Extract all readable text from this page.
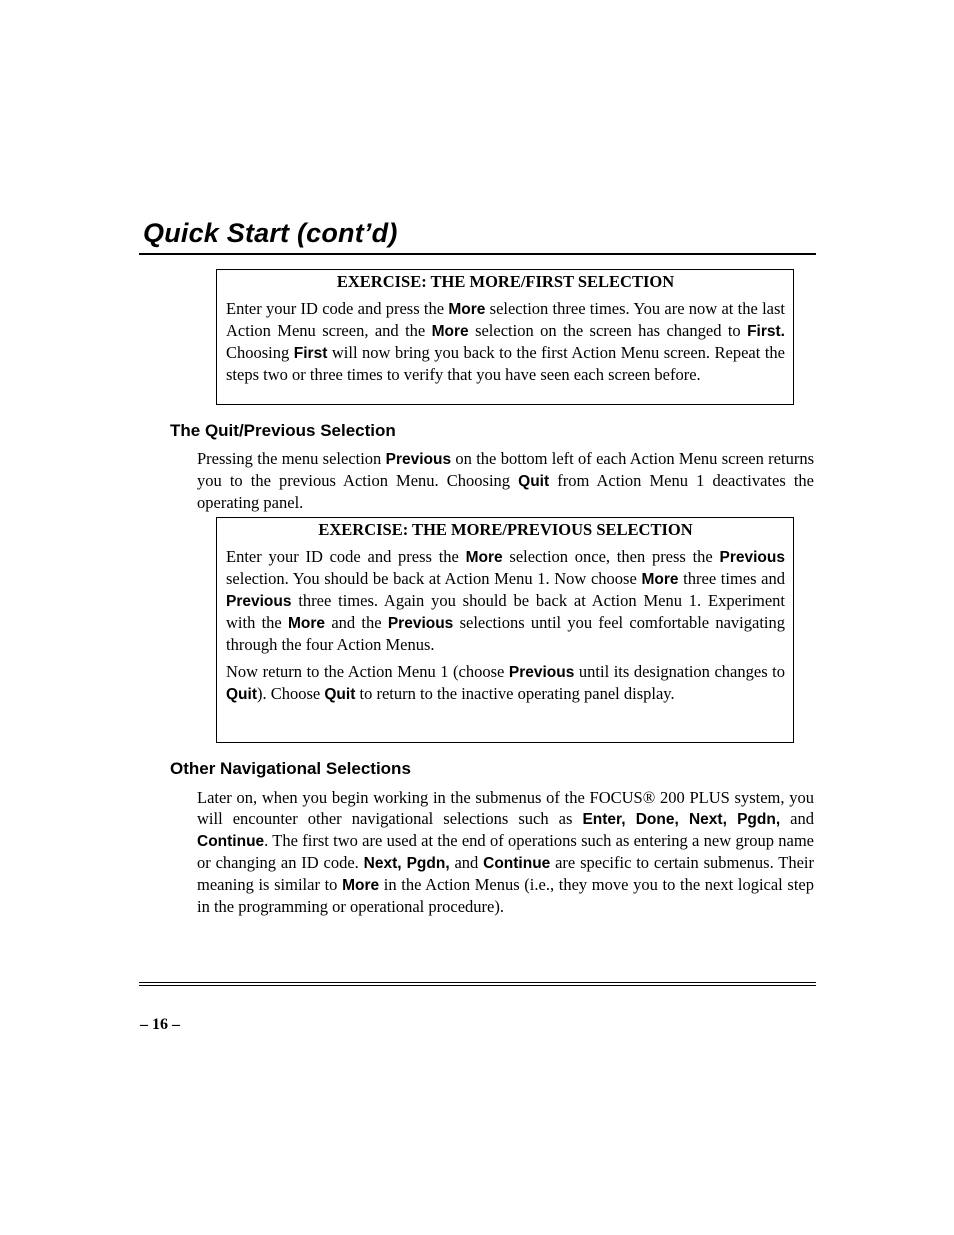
Quick Start (cont’d)
EXERCISE: THE MORE/FIRST SELECTION

Enter your ID code and press the More selection three times. You are now at the last Action Menu screen, and the More selection on the screen has changed to First. Choosing First will now bring you back to the first Action Menu screen. Repeat the steps two or three times to verify that you have seen each screen before.

The Quit/Previous Selection

Pressing the menu selection Previous on the bottom left of each Action Menu screen returns you to the previous Action Menu. Choosing Quit from Action Menu 1 deactivates the operating panel.

EXERCISE: THE MORE/PREVIOUS SELECTION

Enter your ID code and press the More selection once, then press the Previous selection. You should be back at Action Menu 1. Now choose More three times and Previous three times. Again you should be back at Action Menu 1. Experiment with the More and the Previous selections until you feel comfortable navigating through the four Action Menus.

Now return to the Action Menu 1 (choose Previous until its designation changes to Quit). Choose Quit to return to the inactive operating panel display.

Other Navigational Selections

Later on, when you begin working in the submenus of the FOCUS® 200 PLUS system, you will encounter other navigational selections such as Enter, Done, Next, Pgdn, and Continue. The first two are used at the end of operations such as entering a new group name or changing an ID code. Next, Pgdn, and Continue are specific to certain submenus. Their meaning is similar to More in the Action Menus (i.e., they move you to the next logical step in the programming or operational procedure).

– 16 –
